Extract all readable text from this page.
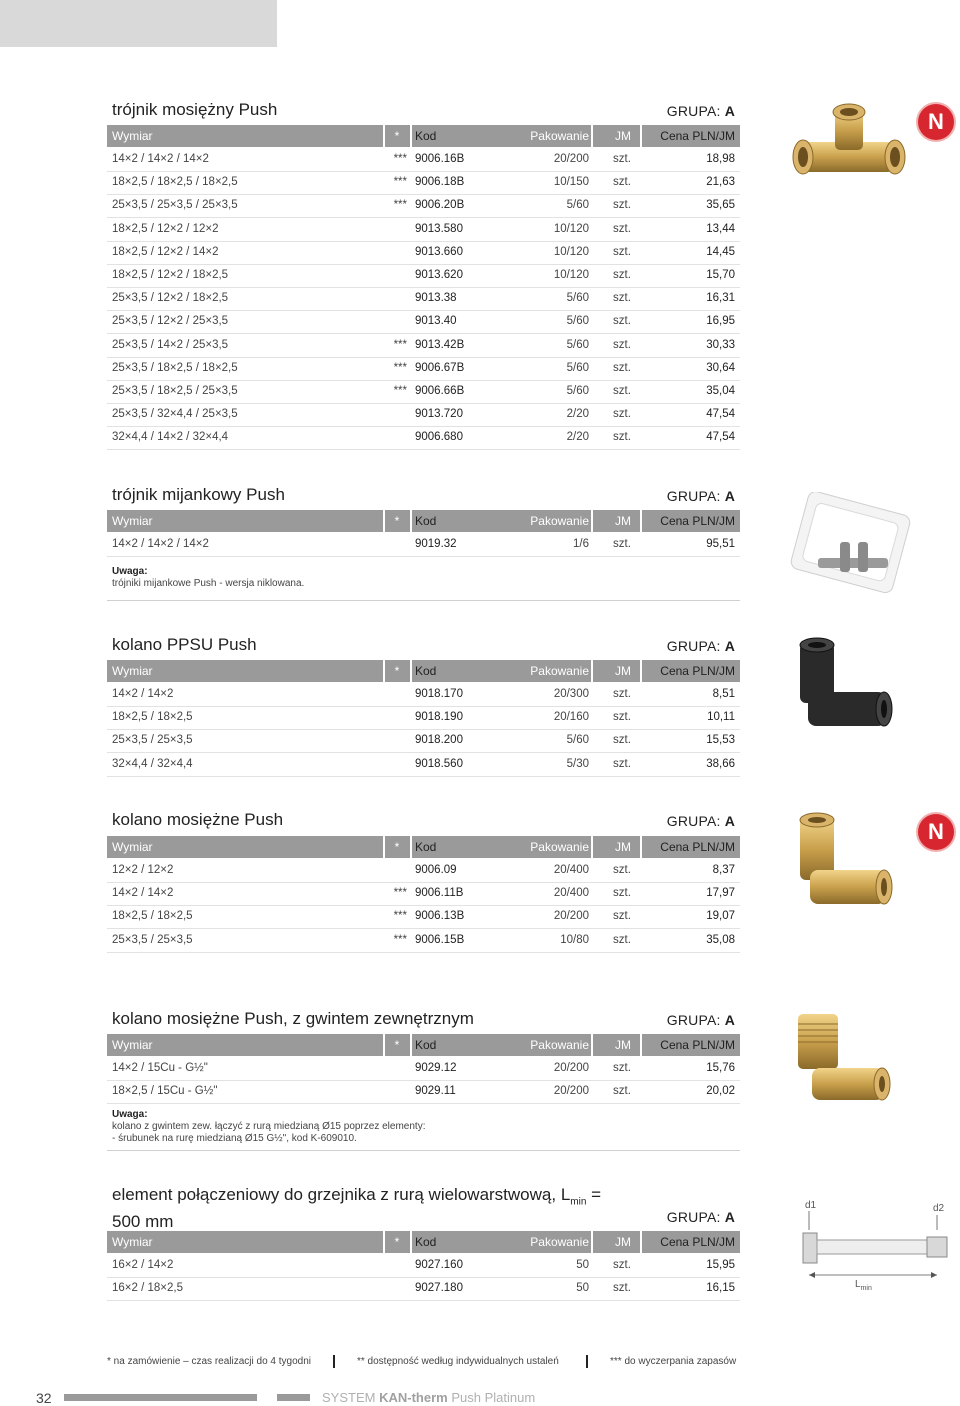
trójnik mosiężny Push	GRUPA: A
Wymiar	*	Kod	Pakowanie JM	Cena PLN/JM
14×2 / 14×2 / 14×2	*** 9006.16B	20/200 szt.	18,98
18×2,5 / 18×2,5 / 18×2,5	*** 9006.18B	10/150 szt.	21,63
25×3,5 / 25×3,5 / 25×3,5	*** 9006.20B	5/60 szt.	35,65
18×2,5 / 12×2 / 12×2	9013.580	10/120 szt.	13,44
18×2,5 / 12×2 / 14×2	9013.660	10/120 szt.	14,45
18×2,5 / 12×2 / 18×2,5	9013.620	10/120 szt.	15,70
25×3,5 / 12×2 / 18×2,5	9013.38	5/60 szt.	16,31
25×3,5 / 12×2 / 25×3,5	9013.40	5/60 szt.	16,95
25×3,5 / 14×2 / 25×3,5	*** 9013.42B	5/60 szt.	30,33
25×3,5 / 18×2,5 / 18×2,5	*** 9006.67B	5/60 szt.	30,64
25×3,5 / 18×2,5 / 25×3,5	*** 9006.66B	5/60 szt.	35,04
25×3,5 / 32×4,4 / 25×3,5	9013.720	2/20 szt.	47,54
32×4,4 / 14×2 / 32×4,4	9006.680	2/20 szt.	47,54
trójnik mijankowy Push	GRUPA: A
Wymiar	*	Kod	Pakowanie JM	Cena PLN/JM
Uwaga:
trójniki mijankowe Push - wersja niklowana.
14×2 / 14×2 / 14×2	9019.32	1/6 szt.	95,51
kolano PPSU Push	GRUPA: A
Wymiar	*	Kod	Pakowanie JM	Cena PLN/JM
14×2 / 14×2	9018.170	20/300 szt.	8,51
18×2,5 / 18×2,5	9018.190	20/160 szt.	10,11
25×3,5 / 25×3,5	9018.200	5/60 szt.	15,53
32×4,4 / 32×4,4	9018.560	5/30 szt.	38,66
kolano mosiężne Push	GRUPA: A
Wymiar	*	Kod	Pakowanie JM	Cena PLN/JM
12×2 / 12×2	9006.09	20/400 szt.	8,37
14×2 / 14×2	*** 9006.11B	20/400 szt.	17,97
18×2,5 / 18×2,5	*** 9006.13B	20/200 szt.	19,07
25×3,5 / 25×3,5	*** 9006.15B	10/80 szt.	35,08
kolano mosiężne Push, z gwintem zewnętrznym	GRUPA: A
Wymiar	*	Kod	Pakowanie JM	Cena PLN/JM
Uwaga:
kolano z gwintem zew. łączyć z rurą miedzianą Ø15 poprzez elementy:
- śrubunek na rurę miedzianą Ø15 G½", kod K-609010.
14×2 / 15Cu - G½"	9029.12	20/200 szt.	15,76
18×2,5 / 15Cu - G½"	9029.11	20/200 szt.	20,02
element połączeniowy do grzejnika z rurą wielowarstwową, $L_{min}$ =
500 mm	GRUPA: A
Wymiar	*	Kod	Pakowanie JM	Cena PLN/JM
16×2 / 14×2	9027.160	50 szt.	15,95
16×2 / 18×2,5	9027.180	50 szt.	16,15
N
N
d1	d2
$L_{min}$
* na zamówienie – czas realizacji do 4 tygodni	** dostępność według indywidualnych ustaleń	*** do wyczerpania zapasów
32	SYSTEM KAN-therm Push Platinum
